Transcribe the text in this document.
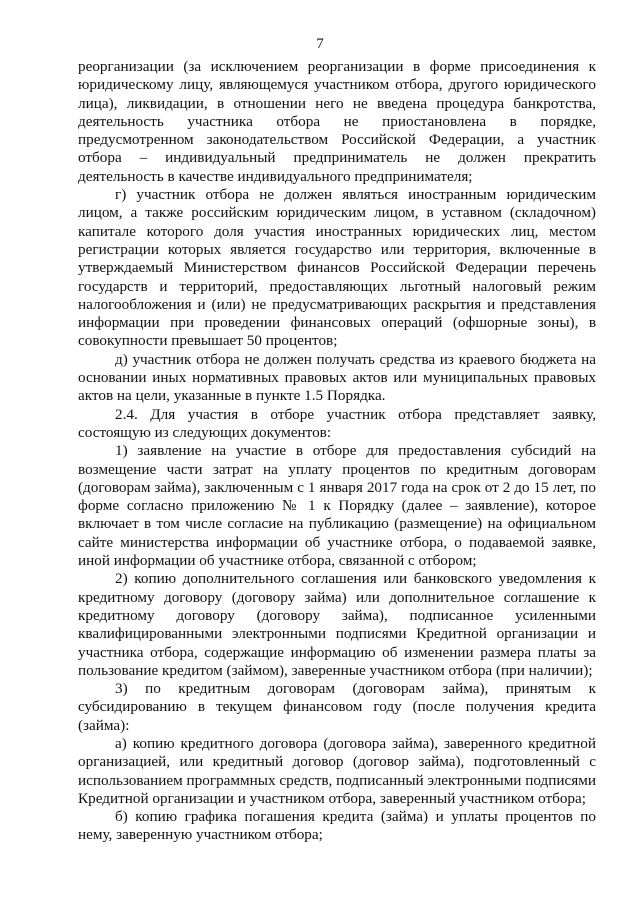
7

реорганизации (за исключением реорганизации в форме присоединения к юридическому лицу, являющемуся участником отбора, другого юридического лица), ликвидации, в отношении него не введена процедура банкротства, деятельность участника отбора не приостановлена в порядке, предусмотренном законодательством Российской Федерации, а участник отбора – индивидуальный предприниматель не должен прекратить деятельность в качестве индивидуального предпринимателя;

г) участник отбора не должен являться иностранным юридическим лицом, а также российским юридическим лицом, в уставном (складочном) капитале которого доля участия иностранных юридических лиц, местом регистрации которых является государство или территория, включенные в утверждаемый Министерством финансов Российской Федерации перечень государств и территорий, предоставляющих льготный налоговый режим налогообложения и (или) не предусматривающих раскрытия и представления информации при проведении финансовых операций (офшорные зоны), в совокупности превышает 50 процентов;

д) участник отбора не должен получать средства из краевого бюджета на основании иных нормативных правовых актов или муниципальных правовых актов на цели, указанные в пункте 1.5 Порядка.

2.4. Для участия в отборе участник отбора представляет заявку, состоящую из следующих документов:

1) заявление на участие в отборе для предоставления субсидий на возмещение части затрат на уплату процентов по кредитным договорам (договорам займа), заключенным с 1 января 2017 года на срок от 2 до 15 лет, по форме согласно приложению № 1 к Порядку (далее – заявление), которое включает в том числе согласие на публикацию (размещение) на официальном сайте министерства информации об участнике отбора, о подаваемой заявке, иной информации об участнике отбора, связанной с отбором;

2) копию дополнительного соглашения или банковского уведомления к кредитному договору (договору займа) или дополнительное соглашение к кредитному договору (договору займа), подписанное усиленными квалифицированными электронными подписями Кредитной организации и участника отбора, содержащие информацию об изменении размера платы за пользование кредитом (займом), заверенные участником отбора (при наличии);

3) по кредитным договорам (договорам займа), принятым к субсидированию в текущем финансовом году (после получения кредита (займа):

а) копию кредитного договора (договора займа), заверенного кредитной организацией, или кредитный договор (договор займа), подготовленный с использованием программных средств, подписанный электронными подписями Кредитной организации и участником отбора, заверенный участником отбора;

б) копию графика погашения кредита (займа) и уплаты процентов по нему, заверенную участником отбора;
